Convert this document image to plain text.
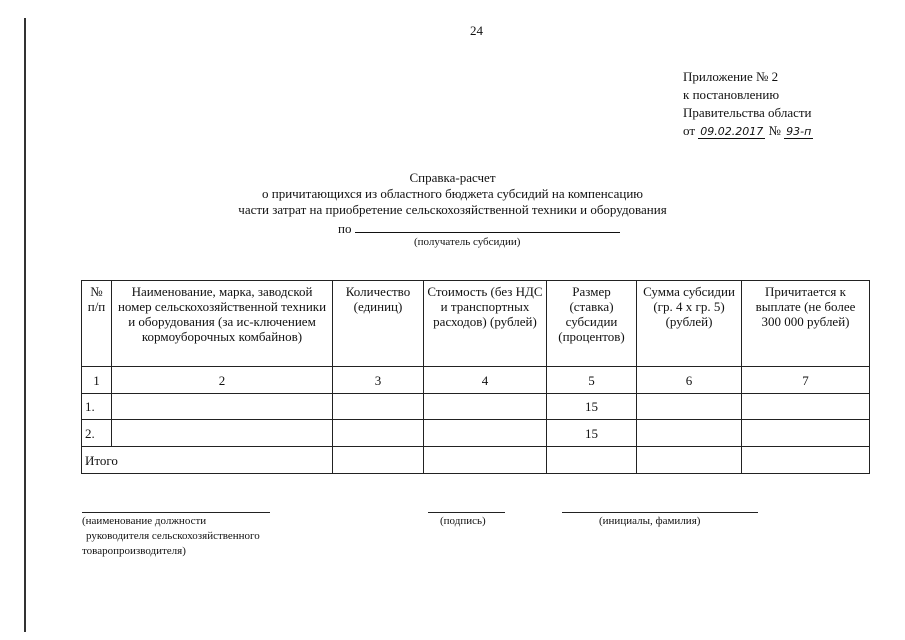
24
Приложение № 2
к постановлению
Правительства области
от 09.02.2017 № 93-п
Справка-расчет
о причитающихся из областного бюджета субсидий на компенсацию
части затрат на приобретение сельскохозяйственной техники и оборудования
по
(получатель субсидии)
№ п/п	Наименование, марка, заводской номер сельскохозяйственной техники и оборудования (за ис-ключением кормоуборочных комбайнов)	Количество (единиц)	Стоимость (без НДС и транспортных расходов) (рублей)	Размер (ставка) субсидии (процентов)	Сумма субсидии (гр. 4 х гр. 5) (рублей)	Причитается к выплате (не более 300 000 рублей)
1	2	3	4	5	6	7
1.				15		
2.				15		
Итого						
(наименование должности
руководителя сельскохозяйственного
товаропроизводителя)
(подпись)	(инициалы, фамилия)
